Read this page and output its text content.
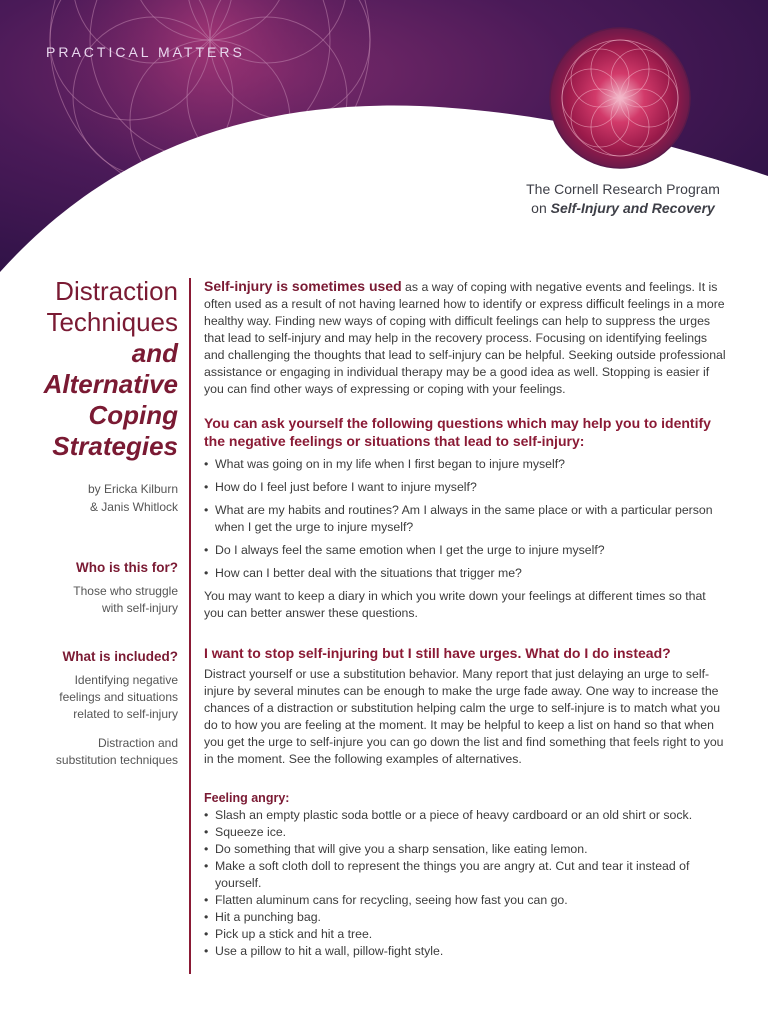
PRACTICAL MATTERS
The Cornell Research Program
on Self-Injury and Recovery
Distraction
Techniques
and
Alternative
Coping
Strategies
by Ericka Kilburn
& Janis Whitlock
Who is this for?
Those who struggle
with self-injury
What is included?
Identifying negative
feelings and situations
related to self-injury
Distraction and
substitution techniques

Self-injury is sometimes used as a way of coping with negative events and feelings. It is often used as a result of not having learned how to identify or express difficult feelings in a more healthy way. Finding new ways of coping with difficult feelings can help to suppress the urges that lead to self-injury and may help in the recovery process. Focusing on identifying feelings and challenging the thoughts that lead to self-injury can be helpful. Seeking outside professional assistance or engaging in individual therapy may be a good idea as well. Stopping is easier if you can find other ways of expressing or coping with your feelings.

You can ask yourself the following questions which may help you to identify the negative feelings or situations that lead to self-injury:
• What was going on in my life when I first began to injure myself?
• How do I feel just before I want to injure myself?
• What are my habits and routines? Am I always in the same place or with a particular person when I get the urge to injure myself?
• Do I always feel the same emotion when I get the urge to injure myself?
• How can I better deal with the situations that trigger me?

You may want to keep a diary in which you write down your feelings at different times so that you can better answer these questions.

I want to stop self-injuring but I still have urges. What do I do instead?

Distract yourself or use a substitution behavior. Many report that just delaying an urge to self-injure by several minutes can be enough to make the urge fade away. One way to increase the chances of a distraction or substitution helping calm the urge to self-injure is to match what you do to how you are feeling at the moment. It may be helpful to keep a list on hand so that when you get the urge to self-injure you can go down the list and find something that feels right to you in the moment. See the following examples of alternatives.

Feeling angry:
• Slash an empty plastic soda bottle or a piece of heavy cardboard or an old shirt or sock.
• Squeeze ice.
• Do something that will give you a sharp sensation, like eating lemon.
• Make a soft cloth doll to represent the things you are angry at. Cut and tear it instead of yourself.
• Flatten aluminum cans for recycling, seeing how fast you can go.
• Hit a punching bag.
• Pick up a stick and hit a tree.
• Use a pillow to hit a wall, pillow-fight style.
